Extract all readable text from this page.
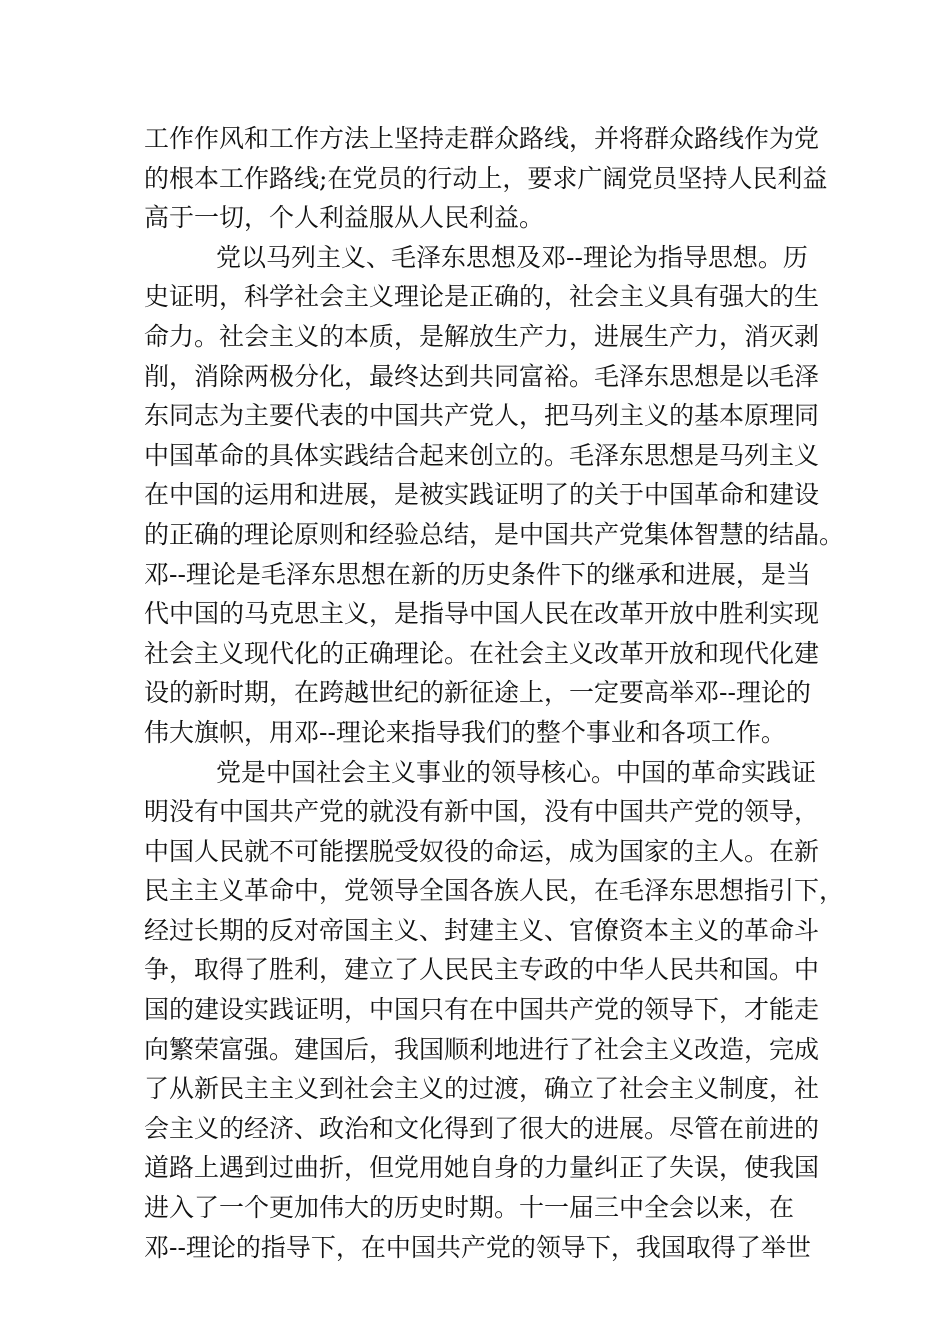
工作作风和工作方法上坚持走群众路线，并将群众路线作为党
的根本工作路线;在党员的行动上，要求广阔党员坚持人民利益
高于一切，个人利益服从人民利益。
党以马列主义、毛泽东思想及邓--理论为指导思想。历
史证明，科学社会主义理论是正确的，社会主义具有强大的生
命力。社会主义的本质，是解放生产力，进展生产力，消灭剥
削，消除两极分化，最终达到共同富裕。毛泽东思想是以毛泽
东同志为主要代表的中国共产党人，把马列主义的基本原理同
中国革命的具体实践结合起来创立的。毛泽东思想是马列主义
在中国的运用和进展，是被实践证明了的关于中国革命和建设
的正确的理论原则和经验总结，是中国共产党集体智慧的结晶。
邓--理论是毛泽东思想在新的历史条件下的继承和进展，是当
代中国的马克思主义，是指导中国人民在改革开放中胜利实现
社会主义现代化的正确理论。在社会主义改革开放和现代化建
设的新时期，在跨越世纪的新征途上，一定要高举邓--理论的
伟大旗帜，用邓--理论来指导我们的整个事业和各项工作。
党是中国社会主义事业的领导核心。中国的革命实践证
明没有中国共产党的就没有新中国，没有中国共产党的领导，
中国人民就不可能摆脱受奴役的命运，成为国家的主人。在新
民主主义革命中，党领导全国各族人民，在毛泽东思想指引下，
经过长期的反对帝国主义、封建主义、官僚资本主义的革命斗
争，取得了胜利，建立了人民民主专政的中华人民共和国。中
国的建设实践证明，中国只有在中国共产党的领导下，才能走
向繁荣富强。建国后，我国顺利地进行了社会主义改造，完成
了从新民主主义到社会主义的过渡，确立了社会主义制度，社
会主义的经济、政治和文化得到了很大的进展。尽管在前进的
道路上遇到过曲折，但党用她自身的力量纠正了失误，使我国
进入了一个更加伟大的历史时期。十一届三中全会以来，在
邓--理论的指导下，在中国共产党的领导下，我国取得了举世
